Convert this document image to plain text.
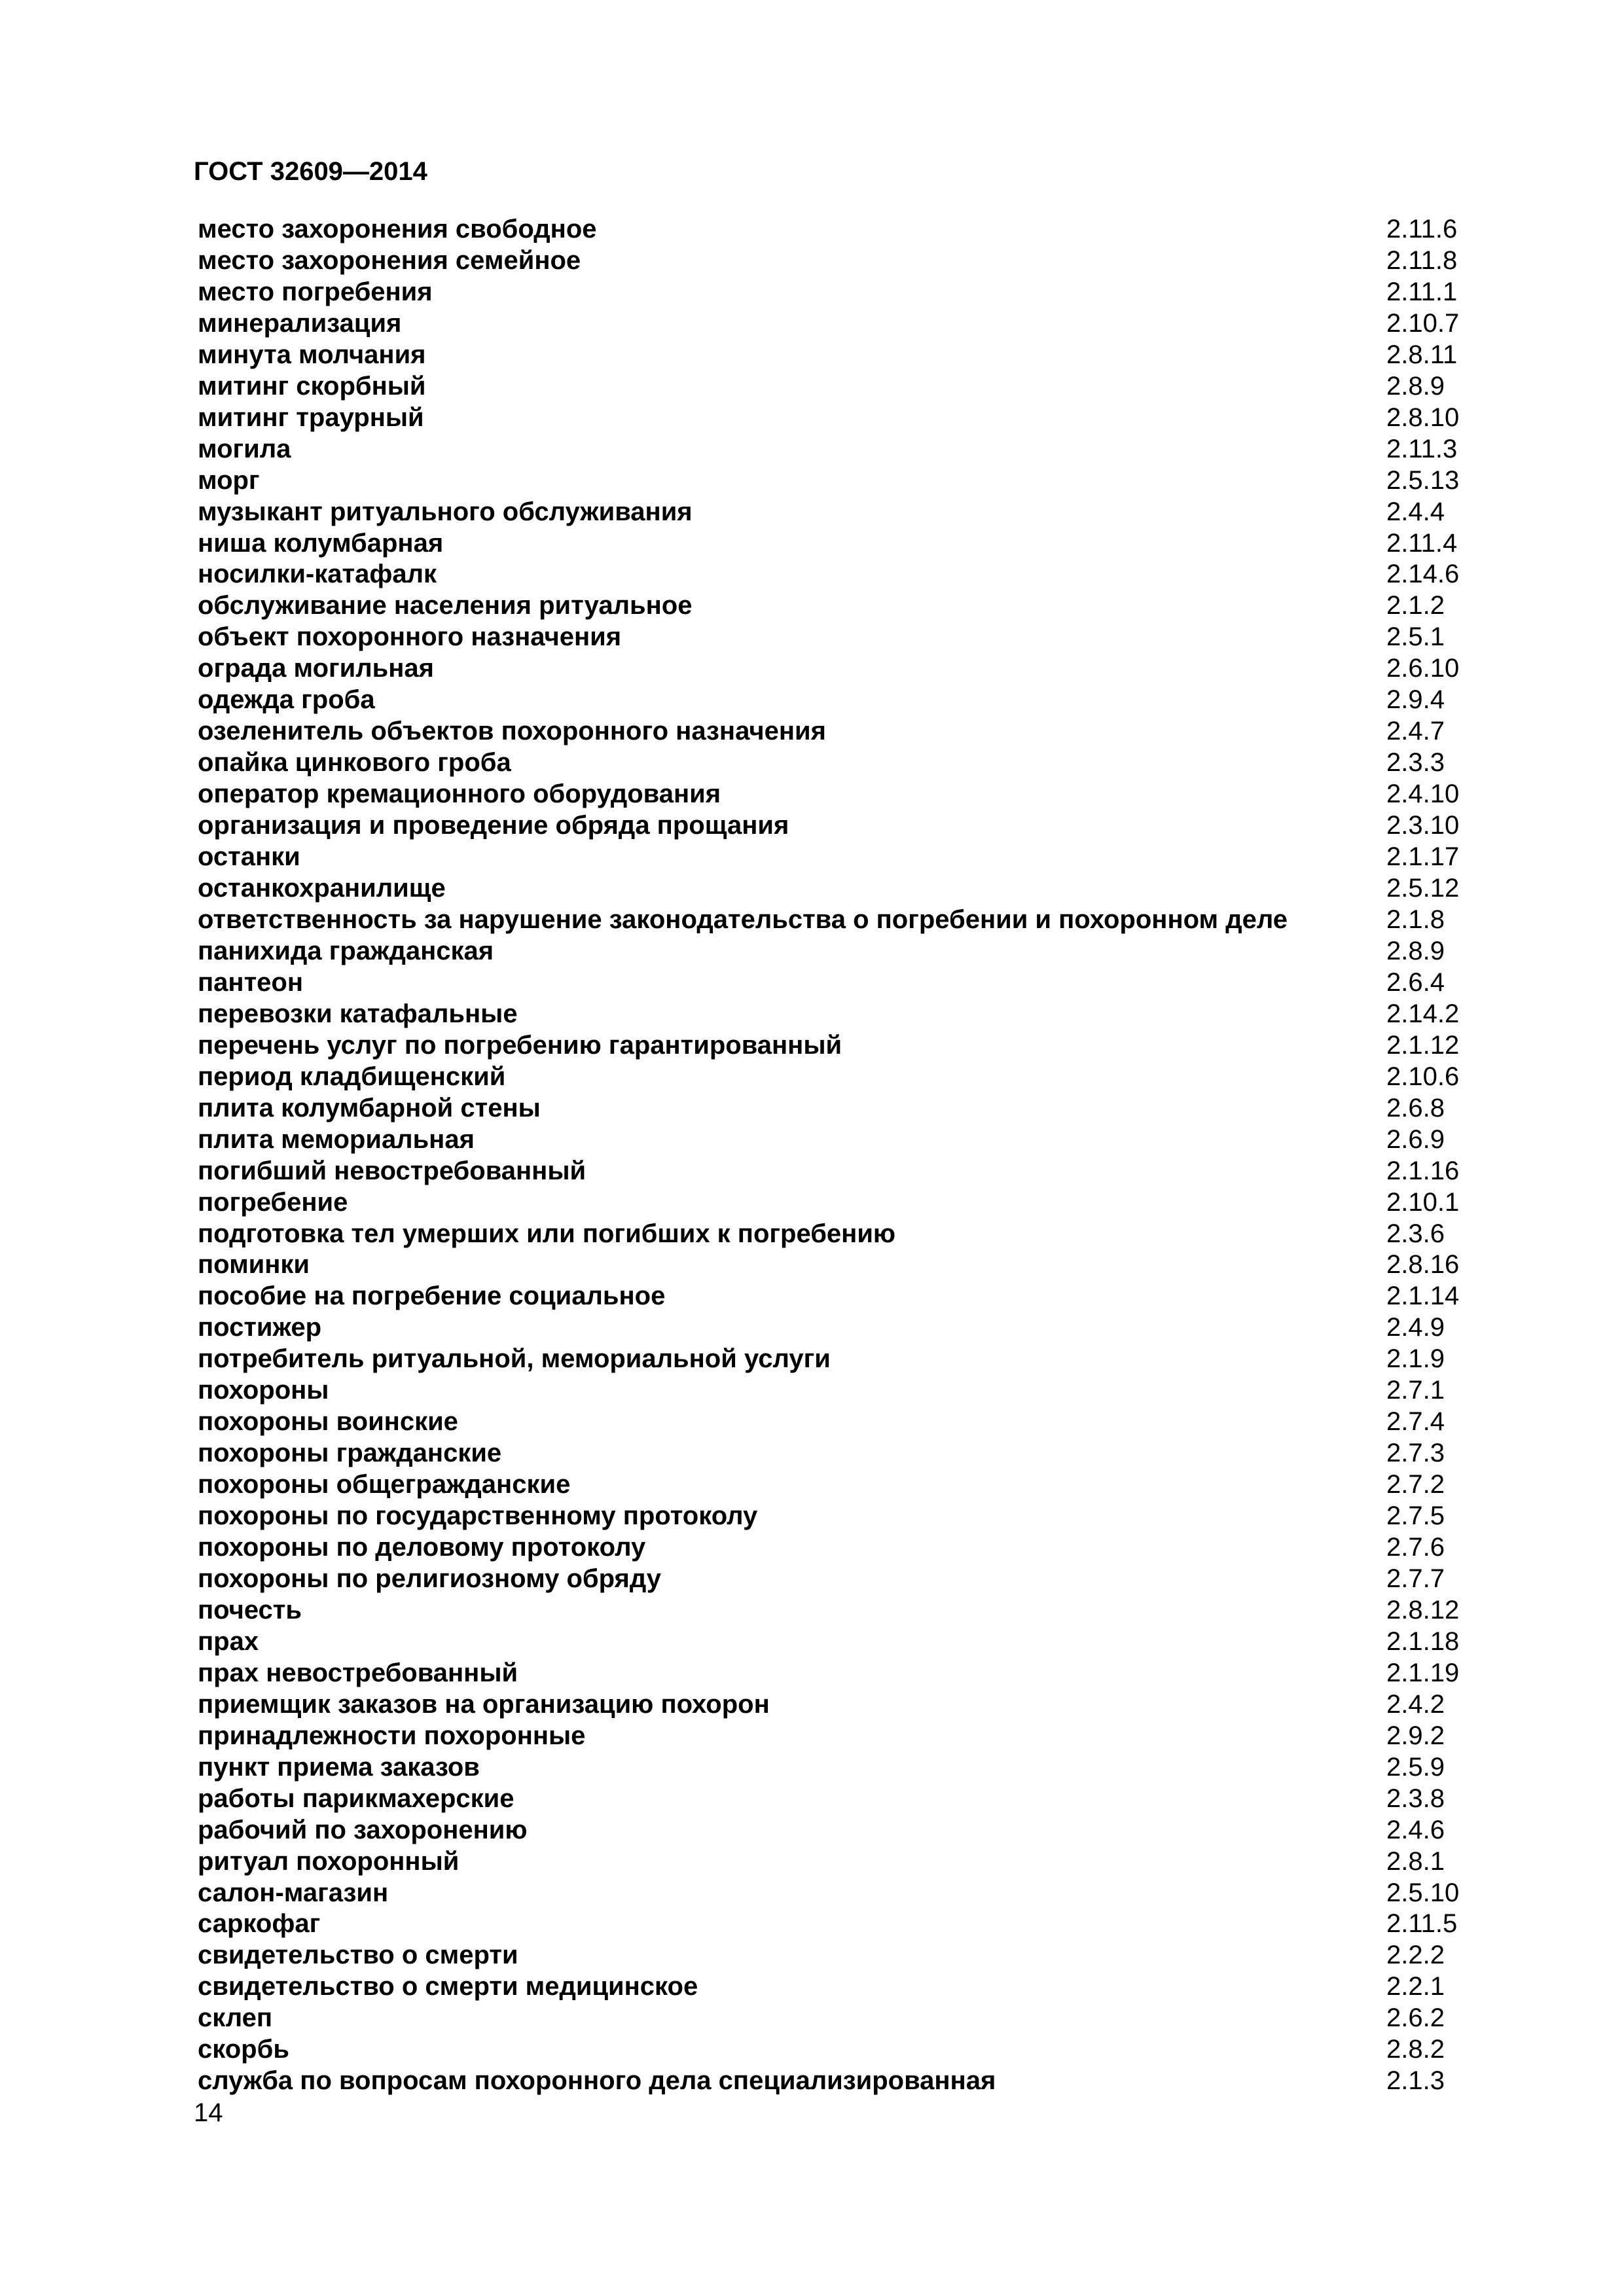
ГОСТ 32609—2014
место захоронения свободное	2.11.6
место захоронения семейное	2.11.8
место погребения	2.11.1
минерализация	2.10.7
минута молчания	2.8.11
митинг скорбный	2.8.9
митинг траурный	2.8.10
могила	2.11.3
морг	2.5.13
музыкант ритуального обслуживания	2.4.4
ниша колумбарная	2.11.4
носилки-катафалк	2.14.6
обслуживание населения ритуальное	2.1.2
объект похоронного назначения	2.5.1
ограда могильная	2.6.10
одежда гроба	2.9.4
озеленитель объектов похоронного назначения	2.4.7
опайка цинкового гроба	2.3.3
оператор кремационного оборудования	2.4.10
организация и проведение обряда прощания	2.3.10
останки	2.1.17
останкохранилище	2.5.12
ответственность за нарушение законодательства о погребении и похоронном деле	2.1.8
панихида гражданская	2.8.9
пантеон	2.6.4
перевозки катафальные	2.14.2
перечень услуг по погребению гарантированный	2.1.12
период кладбищенский	2.10.6
плита колумбарной стены	2.6.8
плита мемориальная	2.6.9
погибший невостребованный	2.1.16
погребение	2.10.1
подготовка тел умерших или погибших к погребению	2.3.6
поминки	2.8.16
пособие на погребение социальное	2.1.14
постижер	2.4.9
потребитель ритуальной, мемориальной услуги	2.1.9
похороны	2.7.1
похороны воинские	2.7.4
похороны гражданские	2.7.3
похороны общегражданские	2.7.2
похороны по государственному протоколу	2.7.5
похороны по деловому протоколу	2.7.6
похороны по религиозному обряду	2.7.7
почесть	2.8.12
прах	2.1.18
прах невостребованный	2.1.19
приемщик заказов на организацию похорон	2.4.2
принадлежности похоронные	2.9.2
пункт приема заказов	2.5.9
работы парикмахерские	2.3.8
рабочий по захоронению	2.4.6
ритуал похоронный	2.8.1
салон-магазин	2.5.10
саркофаг	2.11.5
свидетельство о смерти	2.2.2
свидетельство о смерти медицинское	2.2.1
склеп	2.6.2
скорбь	2.8.2
служба по вопросам похоронного дела специализированная	2.1.3
14
